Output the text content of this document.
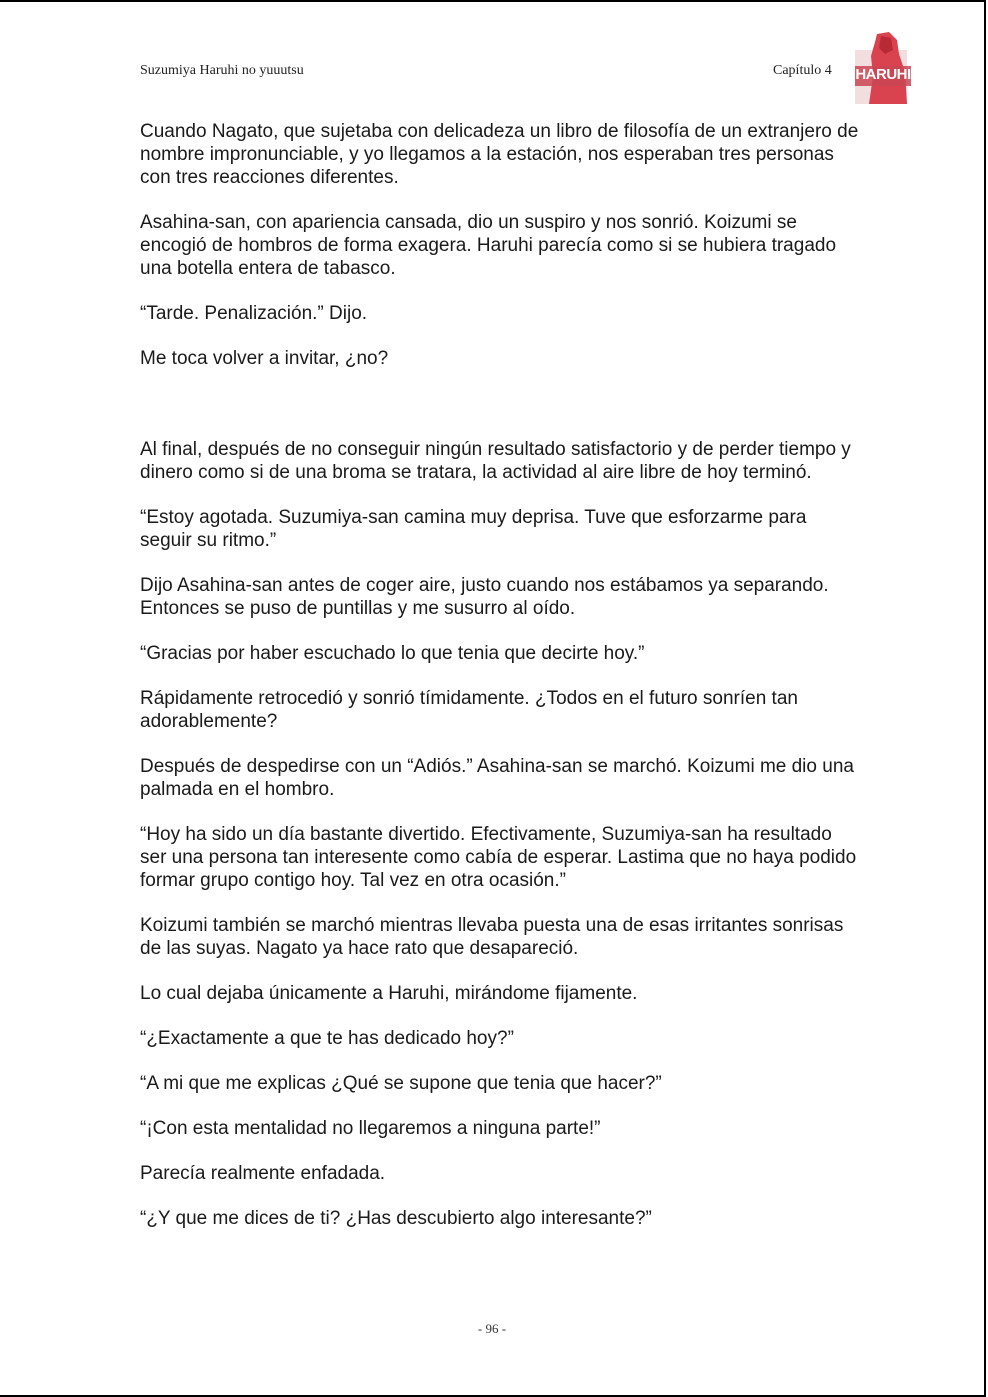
Suzumiya Haruhi no yuuutsu	Capítulo 4 HARUHI

Cuando Nagato, que sujetaba con delicadeza un libro de filosofía de un extranjero de nombre impronunciable, y yo llegamos a la estación, nos esperaban tres personas con tres reacciones diferentes.

Asahina-san, con apariencia cansada, dio un suspiro y nos sonrió. Koizumi se encogió de hombros de forma exagera. Haruhi parecía como si se hubiera tragado una botella entera de tabasco.

“Tarde. Penalización.” Dijo.

Me toca volver a invitar, ¿no?

Al final, después de no conseguir ningún resultado satisfactorio y de perder tiempo y dinero como si de una broma se tratara, la actividad al aire libre de hoy terminó.

“Estoy agotada. Suzumiya-san camina muy deprisa. Tuve que esforzarme para seguir su ritmo.”

Dijo Asahina-san antes de coger aire, justo cuando nos estábamos ya separando. Entonces se puso de puntillas y me susurro al oído.

“Gracias por haber escuchado lo que tenia que decirte hoy.”

Rápidamente retrocedió y sonrió tímidamente. ¿Todos en el futuro sonríen tan adorablemente?

Después de despedirse con un “Adiós.” Asahina-san se marchó. Koizumi me dio una palmada en el hombro.

“Hoy ha sido un día bastante divertido. Efectivamente, Suzumiya-san ha resultado ser una persona tan interesente como cabía de esperar. Lastima que no haya podido formar grupo contigo hoy. Tal vez en otra ocasión.”

Koizumi también se marchó mientras llevaba puesta una de esas irritantes sonrisas de las suyas. Nagato ya hace rato que desapareció.

Lo cual dejaba únicamente a Haruhi, mirándome fijamente.

“¿Exactamente a que te has dedicado hoy?”

“A mi que me explicas ¿Qué se supone que tenia que hacer?”

“¡Con esta mentalidad no llegaremos a ninguna parte!”

Parecía realmente enfadada.

“¿Y que me dices de ti? ¿Has descubierto algo interesante?”

- 96 -
